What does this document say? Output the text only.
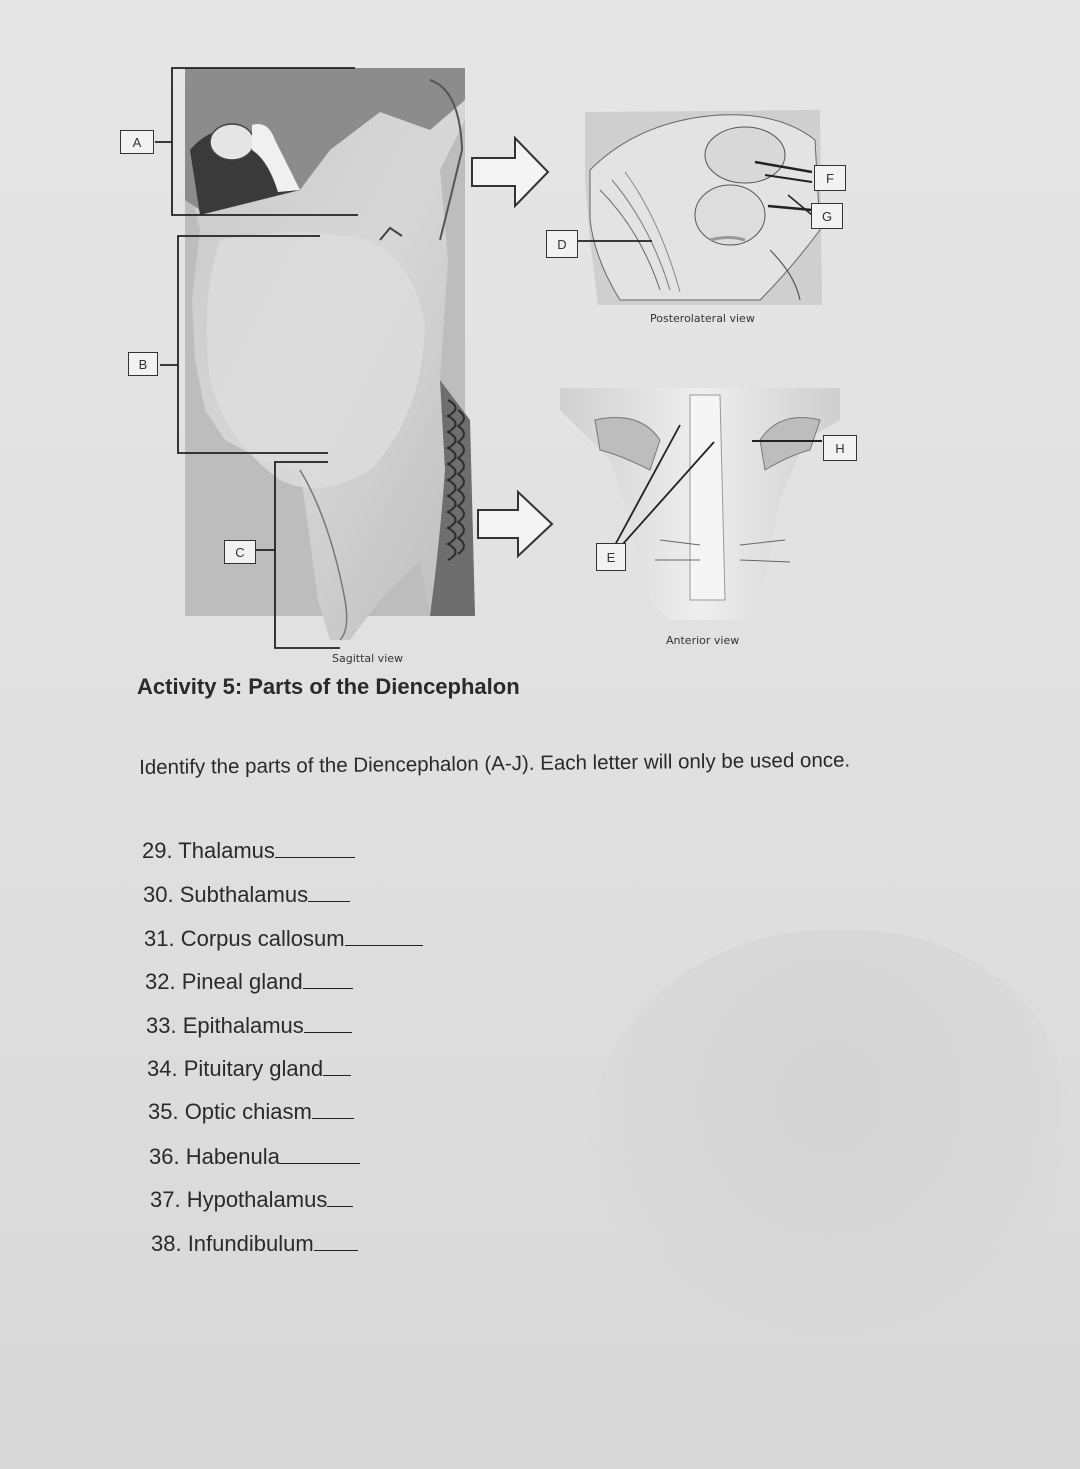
A
B
C
D
E
F
G
H
Sagittal view
Posterolateral view
Anterior view
Activity 5: Parts of the Diencephalon
Identify the parts of the Diencephalon (A-J). Each letter will only be used once.
29. Thalamus
30. Subthalamus
31. Corpus callosum
32. Pineal gland
33. Epithalamus
34. Pituitary gland
35. Optic chiasm
36. Habenula
37. Hypothalamus
38. Infundibulum
